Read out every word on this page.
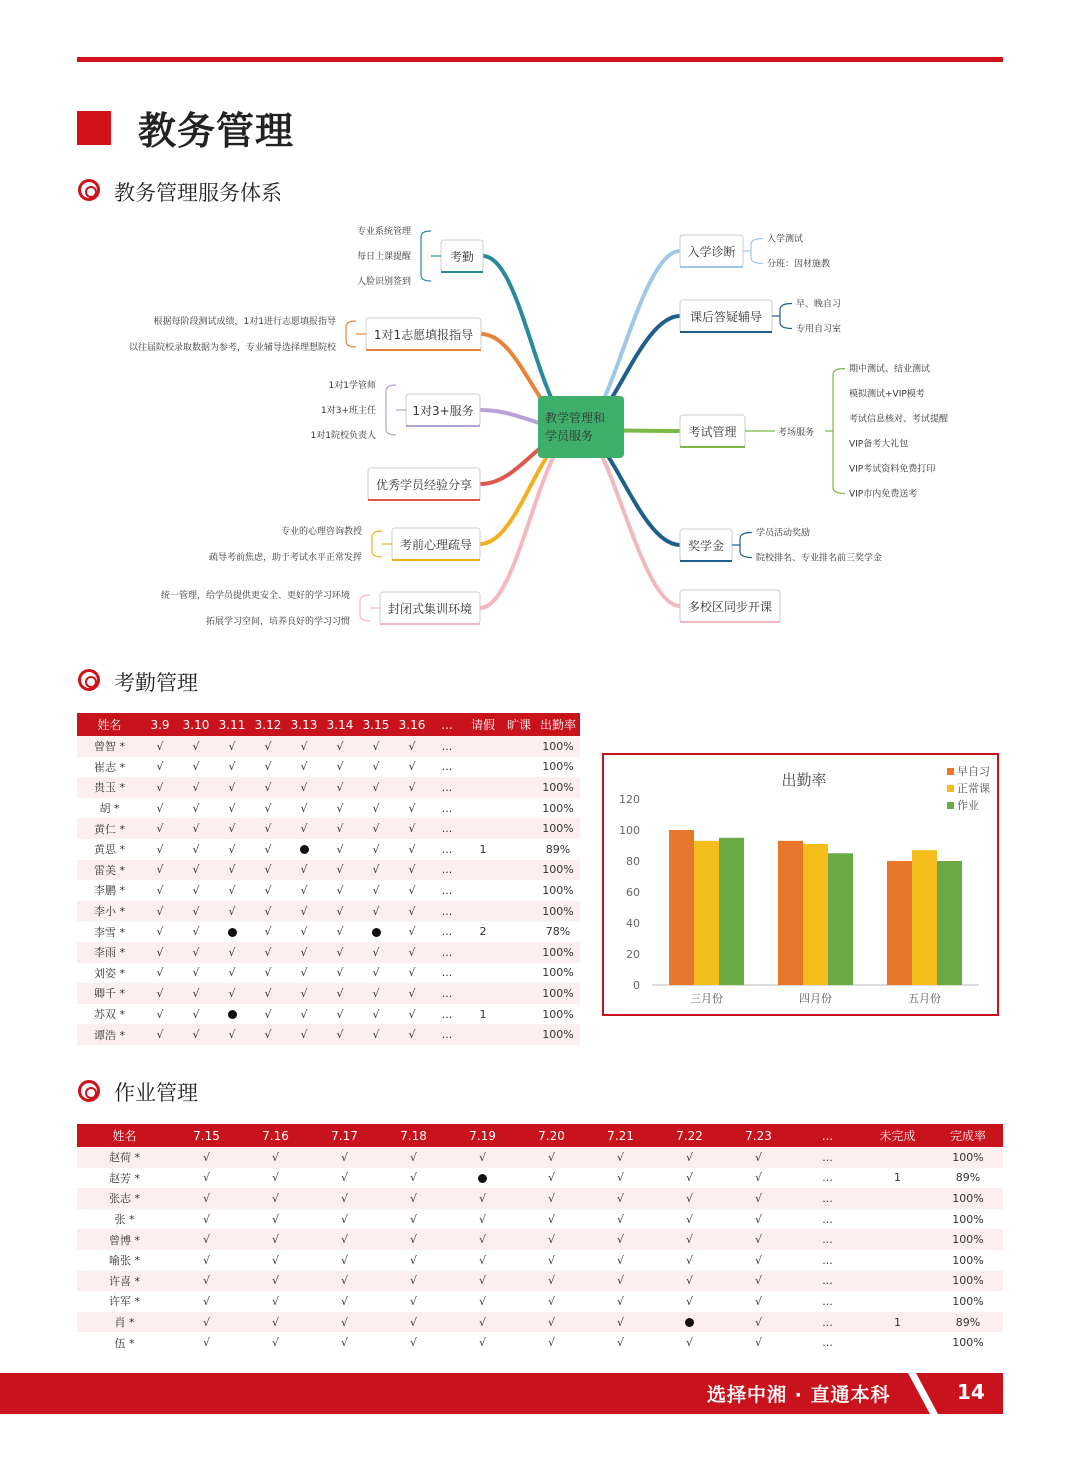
教务管理
教务管理服务体系
考勤
专业系统管理
每日上课提醒
人脸识别签到
1对1志愿填报指导
根据每阶段测试成绩，1对1进行志愿填报指导
以往届院校录取数据为参考，专业辅导选择理想院校
1对3+服务
1对1学管师
1对3+班主任
1对1院校负责人
优秀学员经验分享
考前心理疏导
专业的心理咨询教授
疏导考前焦虑，助于考试水平正常发挥
封闭式集训环境
统一管理，给学员提供更安全、更好的学习环境
拓展学习空间，培养良好的学习习惯
入学诊断
入学测试
分班：因材施教
课后答疑辅导
早、晚自习
专用自习室
考试管理	考场服务
期中测试、结业测试
模拟测试+VIP模考
考试信息核对、考试提醒
VIP备考大礼包
VIP考试资料免费打印
VIP市内免费送考
奖学金
学员活动奖励
院校排名、专业排名前三奖学金
多校区同步开课
教学管理和
学员服务
考勤管理
姓名	3.9	3.10	3.11	3.12	3.13	3.14	3.15	3.16	...	请假	旷课	出勤率
曾智 *	√	√	√	√	√	√	√	√	...			100%
崔志 *	√	√	√	√	√	√	√	√	...			100%
贵玉 *	√	√	√	√	√	√	√	√	...			100%
胡 *	√	√	√	√	√	√	√	√	...			100%
黄仁 *	√	√	√	√	√	√	√	√	...			100%
黄思 *	√	√	√	√		√	√	√	...	1		89%
雷美 *	√	√	√	√	√	√	√	√	...			100%
李鹏 *	√	√	√	√	√	√	√	√	...			100%
李小 *	√	√	√	√	√	√	√	√	...			100%
李雪 *	√	√		√	√	√		√	...	2		78%
李雨 *	√	√	√	√	√	√	√	√	...			100%
刘姿 *	√	√	√	√	√	√	√	√	...			100%
卿千 *	√	√	√	√	√	√	√	√	...			100%
苏双 *	√	√		√	√	√	√	√	...	1		100%
谭浩 *	√	√	√	√	√	√	√	√	...			100%
出勤率
0
20
40
60
80
100
120
三月份	四月份	五月份
早自习
正常课
作业
作业管理
姓名	7.15	7.16	7.17	7.18	7.19	7.20	7.21	7.22	7.23	...	未完成	完成率
赵荷 *	√	√	√	√	√	√	√	√	√	...		100%
赵芳 *	√	√	√	√		√	√	√	√	...	1	89%
张志 *	√	√	√	√	√	√	√	√	√	...		100%
张 *	√	√	√	√	√	√	√	√	√	...		100%
曾博 *	√	√	√	√	√	√	√	√	√	...		100%
喻张 *	√	√	√	√	√	√	√	√	√	...		100%
许喜 *	√	√	√	√	√	√	√	√	√	...		100%
许军 *	√	√	√	√	√	√	√	√	√	...		100%
肖 *	√	√	√	√	√	√	√		√	...	1	89%
伍 *	√	√	√	√	√	√	√	√	√	...		100%
选择中湘 · 直通本科	14
